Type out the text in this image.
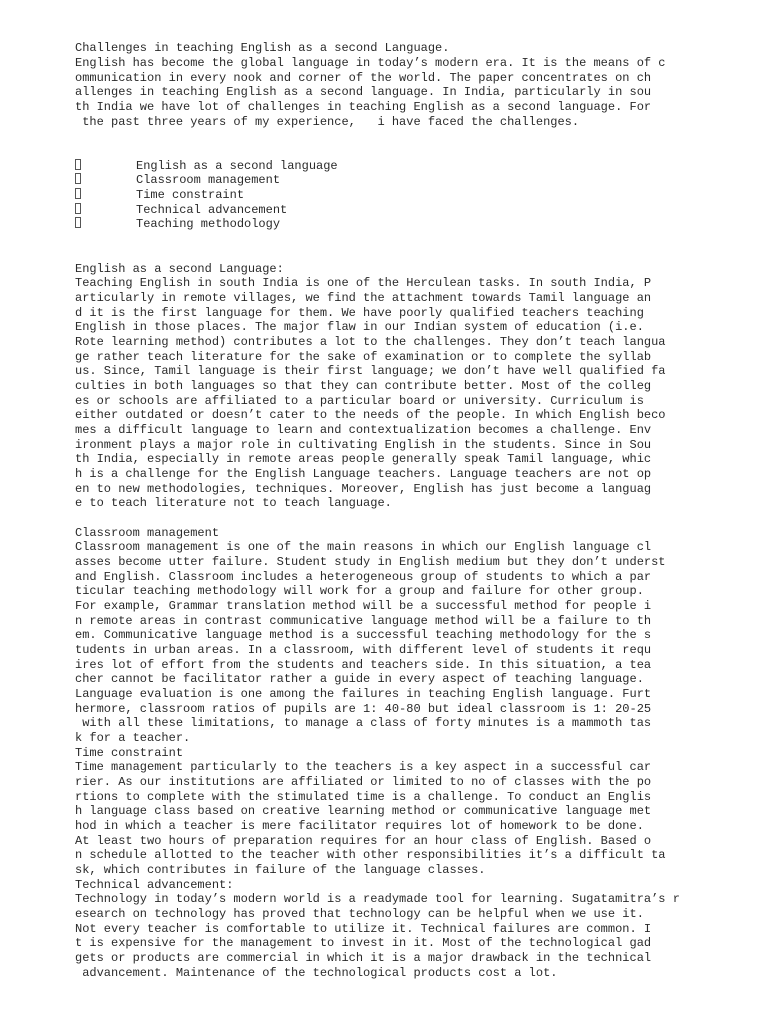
Challenges in teaching English as a second Language.
English has become the global language in today’s modern era. It is the means of c
ommunication in every nook and corner of the world. The paper concentrates on ch
allenges in teaching English as a second language. In India, particularly in sou
th India we have lot of challenges in teaching English as a second language. For
the past three years of my experience,   i have faced the challenges.

English as a second language
Classroom management
Time constraint
Technical advancement
Teaching methodology

English as a second Language:
Teaching English in south India is one of the Herculean tasks. In south India, P
articularly in remote villages, we find the attachment towards Tamil language an
d it is the first language for them. We have poorly qualified teachers teaching
English in those places. The major flaw in our Indian system of education (i.e.
Rote learning method) contributes a lot to the challenges. They don’t teach langua
ge rather teach literature for the sake of examination or to complete the syllab
us. Since, Tamil language is their first language; we don’t have well qualified fa
culties in both languages so that they can contribute better. Most of the colleg
es or schools are affiliated to a particular board or university. Curriculum is
either outdated or doesn’t cater to the needs of the people. In which English beco
mes a difficult language to learn and contextualization becomes a challenge. Env
ironment plays a major role in cultivating English in the students. Since in Sou
th India, especially in remote areas people generally speak Tamil language, whic
h is a challenge for the English Language teachers. Language teachers are not op
en to new methodologies, techniques. Moreover, English has just become a languag
e to teach literature not to teach language.
Classroom management
Classroom management is one of the main reasons in which our English language cl
asses become utter failure. Student study in English medium but they don’t underst
and English. Classroom includes a heterogeneous group of students to which a par
ticular teaching methodology will work for a group and failure for other group.
For example, Grammar translation method will be a successful method for people i
n remote areas in contrast communicative language method will be a failure to th
em. Communicative language method is a successful teaching methodology for the s
tudents in urban areas. In a classroom, with different level of students it requ
ires lot of effort from the students and teachers side. In this situation, a tea
cher cannot be facilitator rather a guide in every aspect of teaching language.
Language evaluation is one among the failures in teaching English language. Furt
hermore, classroom ratios of pupils are 1: 40-80 but ideal classroom is 1: 20-25
with all these limitations, to manage a class of forty minutes is a mammoth tas
k for a teacher.
Time constraint
Time management particularly to the teachers is a key aspect in a successful car
rier. As our institutions are affiliated or limited to no of classes with the po
rtions to complete with the stimulated time is a challenge. To conduct an Englis
h language class based on creative learning method or communicative language met
hod in which a teacher is mere facilitator requires lot of homework to be done.
At least two hours of preparation requires for an hour class of English. Based o
n schedule allotted to the teacher with other responsibilities it’s a difficult ta
sk, which contributes in failure of the language classes.
Technical advancement:
Technology in today’s modern world is a readymade tool for learning. Sugatamitra’s r
esearch on technology has proved that technology can be helpful when we use it.
Not every teacher is comfortable to utilize it. Technical failures are common. I
t is expensive for the management to invest in it. Most of the technological gad
gets or products are commercial in which it is a major drawback in the technical
advancement. Maintenance of the technological products cost a lot.
